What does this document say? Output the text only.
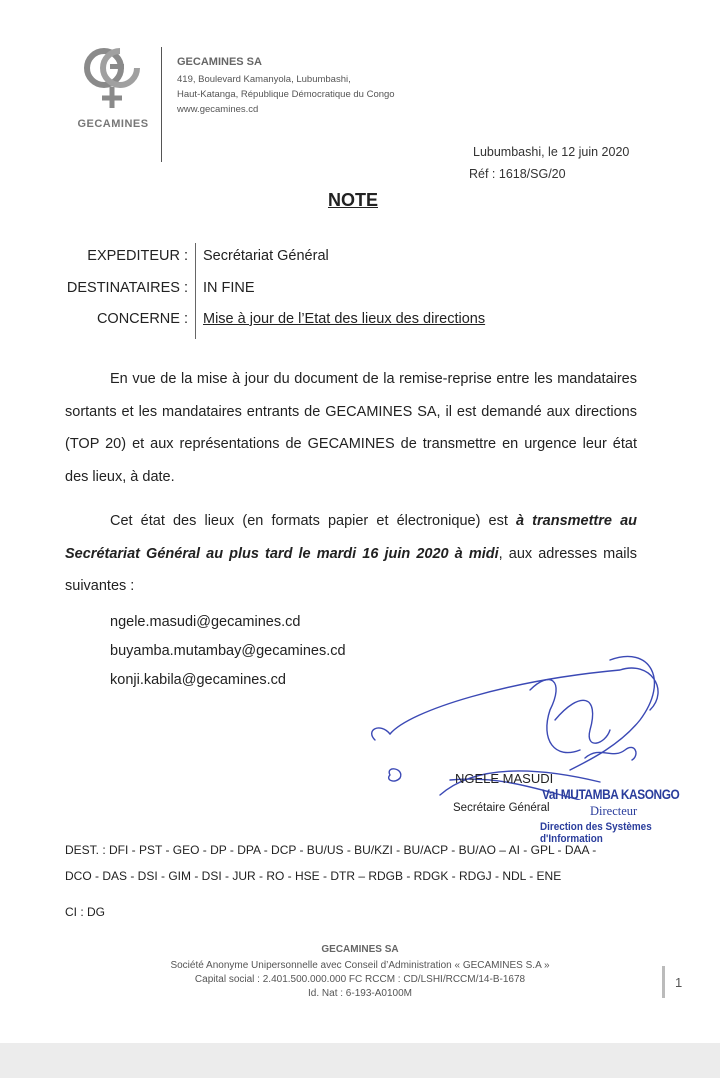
GECAMINES
GECAMINES SA
419, Boulevard Kamanyola, Lubumbashi,
Haut-Katanga, République Démocratique du Congo
www.gecamines.cd
Lubumbashi, le 12 juin 2020
Réf : 1618/SG/20
NOTE
EXPEDITEUR :
DESTINATAIRES :
CONCERNE :
Secrétariat Général
IN FINE
Mise à jour de l’Etat des lieux des directions

En vue de la mise à jour du document de la remise-reprise entre les mandataires sortants et les mandataires entrants de GECAMINES SA, il est demandé aux directions (TOP 20) et aux représentations de GECAMINES de transmettre en urgence leur état des lieux, à date.

Cet état des lieux (en formats papier et électronique) est à transmettre au Secrétariat Général au plus tard le mardi 16 juin 2020 à midi, aux adresses mails suivantes :

ngele.masudi@gecamines.cd
buyamba.mutambay@gecamines.cd
konji.kabila@gecamines.cd
NGELE MASUDI
Secrétaire Général
Val MUTAMBA KASONGO
Directeur
Direction des Systèmes d'Information
DEST. : DFI - PST - GEO - DP - DPA - DCP - BU/US - BU/KZI - BU/ACP - BU/AO – AI - GPL - DAA -
DCO - DAS - DSI - GIM - DSI - JUR - RO - HSE - DTR – RDGB - RDGK - RDGJ - NDL - ENE
CI : DG
GECAMINES SA
Société Anonyme Unipersonnelle avec Conseil d’Administration « GECAMINES S.A »
Capital social : 2.401.500.000.000 FC RCCM : CD/LSHI/RCCM/14-B-1678
Id. Nat : 6-193-A0100M
1
